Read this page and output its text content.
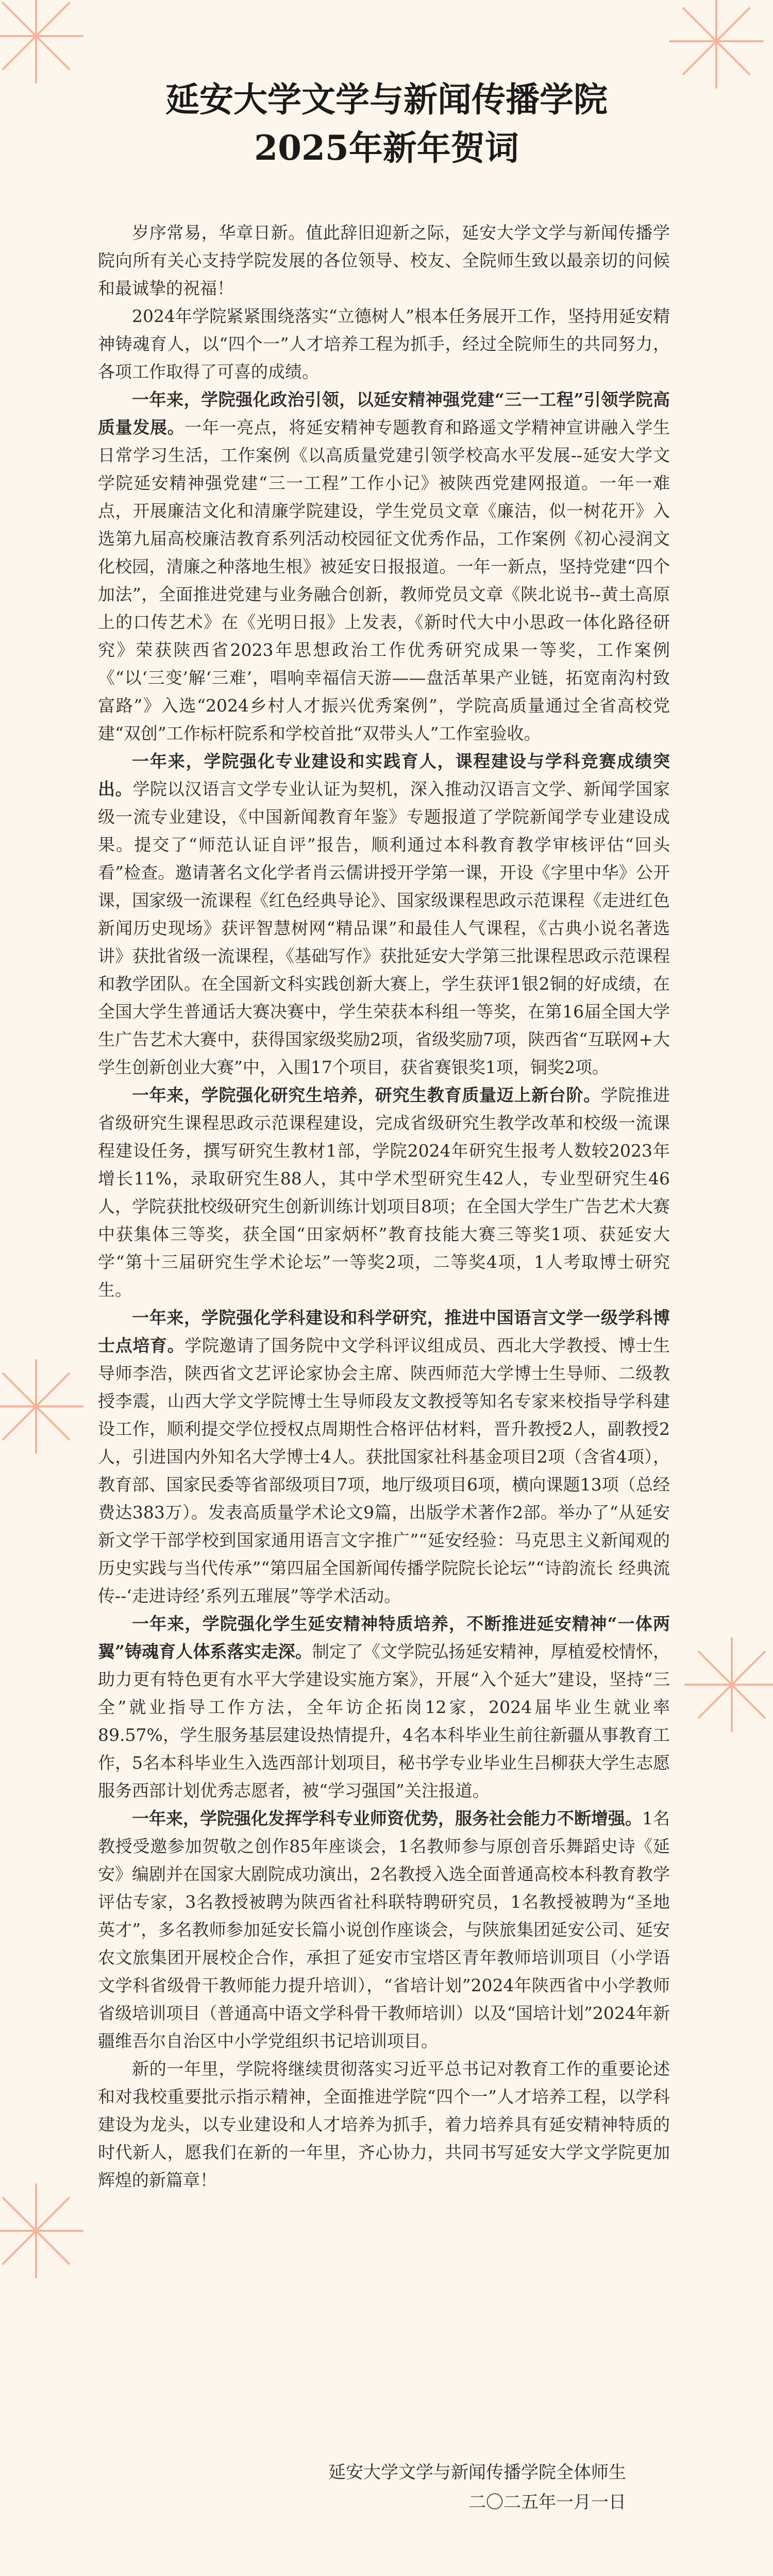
延安大学文学与新闻传播学院
2025年新年贺词

岁序常易，华章日新。值此辞旧迎新之际，延安大学文学与新闻传播学院向所有关心支持学院发展的各位领导、校友、全院师生致以最亲切的问候和最诚挚的祝福！

2024年学院紧紧围绕落实“立德树人”根本任务展开工作，坚持用延安精神铸魂育人，以“四个一”人才培养工程为抓手，经过全院师生的共同努力，各项工作取得了可喜的成绩。

一年来，学院强化政治引领，以延安精神强党建“三一工程”引领学院高质量发展。一年一亮点，将延安精神专题教育和路遥文学精神宣讲融入学生日常学习生活，工作案例《以高质量党建引领学校高水平发展--延安大学文学院延安精神强党建“三一工程”工作小记》被陕西党建网报道。一年一难点，开展廉洁文化和清廉学院建设，学生党员文章《廉洁，似一树花开》入选第九届高校廉洁教育系列活动校园征文优秀作品，工作案例《初心浸润文化校园，清廉之种落地生根》被延安日报报道。一年一新点，坚持党建“四个加法”，全面推进党建与业务融合创新，教师党员文章《陕北说书--黄土高原上的口传艺术》在《光明日报》上发表，《新时代大中小思政一体化路径研究》荣获陕西省2023年思想政治工作优秀研究成果一等奖，工作案例《“以‘三变’解‘三难’，唱响幸福信天游——盘活革果产业链，拓宽南沟村致富路”》入选“2024乡村人才振兴优秀案例”，学院高质量通过全省高校党建“双创”工作标杆院系和学校首批“双带头人”工作室验收。

一年来，学院强化专业建设和实践育人，课程建设与学科竞赛成绩突出。学院以汉语言文学专业认证为契机，深入推动汉语言文学、新闻学国家级一流专业建设，《中国新闻教育年鉴》专题报道了学院新闻学专业建设成果。提交了“师范认证自评”报告，顺利通过本科教育教学审核评估“回头看”检查。邀请著名文化学者肖云儒讲授开学第一课，开设《字里中华》公开课，国家级一流课程《红色经典导论》、国家级课程思政示范课程《走进红色新闻历史现场》获评智慧树网“精品课”和最佳人气课程，《古典小说名著选讲》获批省级一流课程，《基础写作》获批延安大学第三批课程思政示范课程和教学团队。在全国新文科实践创新大赛上，学生获评1银2铜的好成绩，在全国大学生普通话大赛决赛中，学生荣获本科组一等奖，在第16届全国大学生广告艺术大赛中，获得国家级奖励2项，省级奖励7项，陕西省“互联网+大学生创新创业大赛”中，入围17个项目，获省赛银奖1项，铜奖2项。

一年来，学院强化研究生培养，研究生教育质量迈上新台阶。学院推进省级研究生课程思政示范课程建设，完成省级研究生教学改革和校级一流课程建设任务，撰写研究生教材1部，学院2024年研究生报考人数较2023年增长11%，录取研究生88人，其中学术型研究生42人，专业型研究生46人，学院获批校级研究生创新训练计划项目8项；在全国大学生广告艺术大赛中获集体三等奖，获全国“田家炳杯”教育技能大赛三等奖1项、获延安大学“第十三届研究生学术论坛”一等奖2项，二等奖4项，1人考取博士研究生。

一年来，学院强化学科建设和科学研究，推进中国语言文学一级学科博士点培育。学院邀请了国务院中文学科评议组成员、西北大学教授、博士生导师李浩，陕西省文艺评论家协会主席、陕西师范大学博士生导师、二级教授李震，山西大学文学院博士生导师段友文教授等知名专家来校指导学科建设工作，顺利提交学位授权点周期性合格评估材料，晋升教授2人，副教授2人，引进国内外知名大学博士4人。获批国家社科基金项目2项（含省4项），教育部、国家民委等省部级项目7项，地厅级项目6项，横向课题13项（总经费达383万）。发表高质量学术论文9篇，出版学术著作2部。举办了“从延安新文学干部学校到国家通用语言文字推广”“延安经验：马克思主义新闻观的历史实践与当代传承”“第四届全国新闻传播学院院长论坛”“诗韵流长 经典流传--‘走进诗经’系列五璀展”等学术活动。

一年来，学院强化学生延安精神特质培养，不断推进延安精神“一体两翼”铸魂育人体系落实走深。制定了《文学院弘扬延安精神，厚植爱校情怀，助力更有特色更有水平大学建设实施方案》，开展“入个延大”建设，坚持“三全”就业指导工作方法，全年访企拓岗12家，2024届毕业生就业率89.57%，学生服务基层建设热情提升，4名本科毕业生前往新疆从事教育工作，5名本科毕业生入选西部计划项目，秘书学专业毕业生吕柳获大学生志愿服务西部计划优秀志愿者，被“学习强国”关注报道。

一年来，学院强化发挥学科专业师资优势，服务社会能力不断增强。1名教授受邀参加贺敬之创作85年座谈会，1名教师参与原创音乐舞蹈史诗《延安》编剧并在国家大剧院成功演出，2名教授入选全面普通高校本科教育教学评估专家，3名教授被聘为陕西省社科联特聘研究员，1名教授被聘为“圣地英才”，多名教师参加延安长篇小说创作座谈会，与陕旅集团延安公司、延安农文旅集团开展校企合作，承担了延安市宝塔区青年教师培训项目（小学语文学科省级骨干教师能力提升培训），“省培计划”2024年陕西省中小学教师省级培训项目（普通高中语文学科骨干教师培训）以及“国培计划”2024年新疆维吾尔自治区中小学党组织书记培训项目。

新的一年里，学院将继续贯彻落实习近平总书记对教育工作的重要论述和对我校重要批示指示精神，全面推进学院“四个一”人才培养工程，以学科建设为龙头，以专业建设和人才培养为抓手，着力培养具有延安精神特质的时代新人，愿我们在新的一年里，齐心协力，共同书写延安大学文学院更加辉煌的新篇章！

延安大学文学与新闻传播学院全体师生
二〇二五年一月一日
